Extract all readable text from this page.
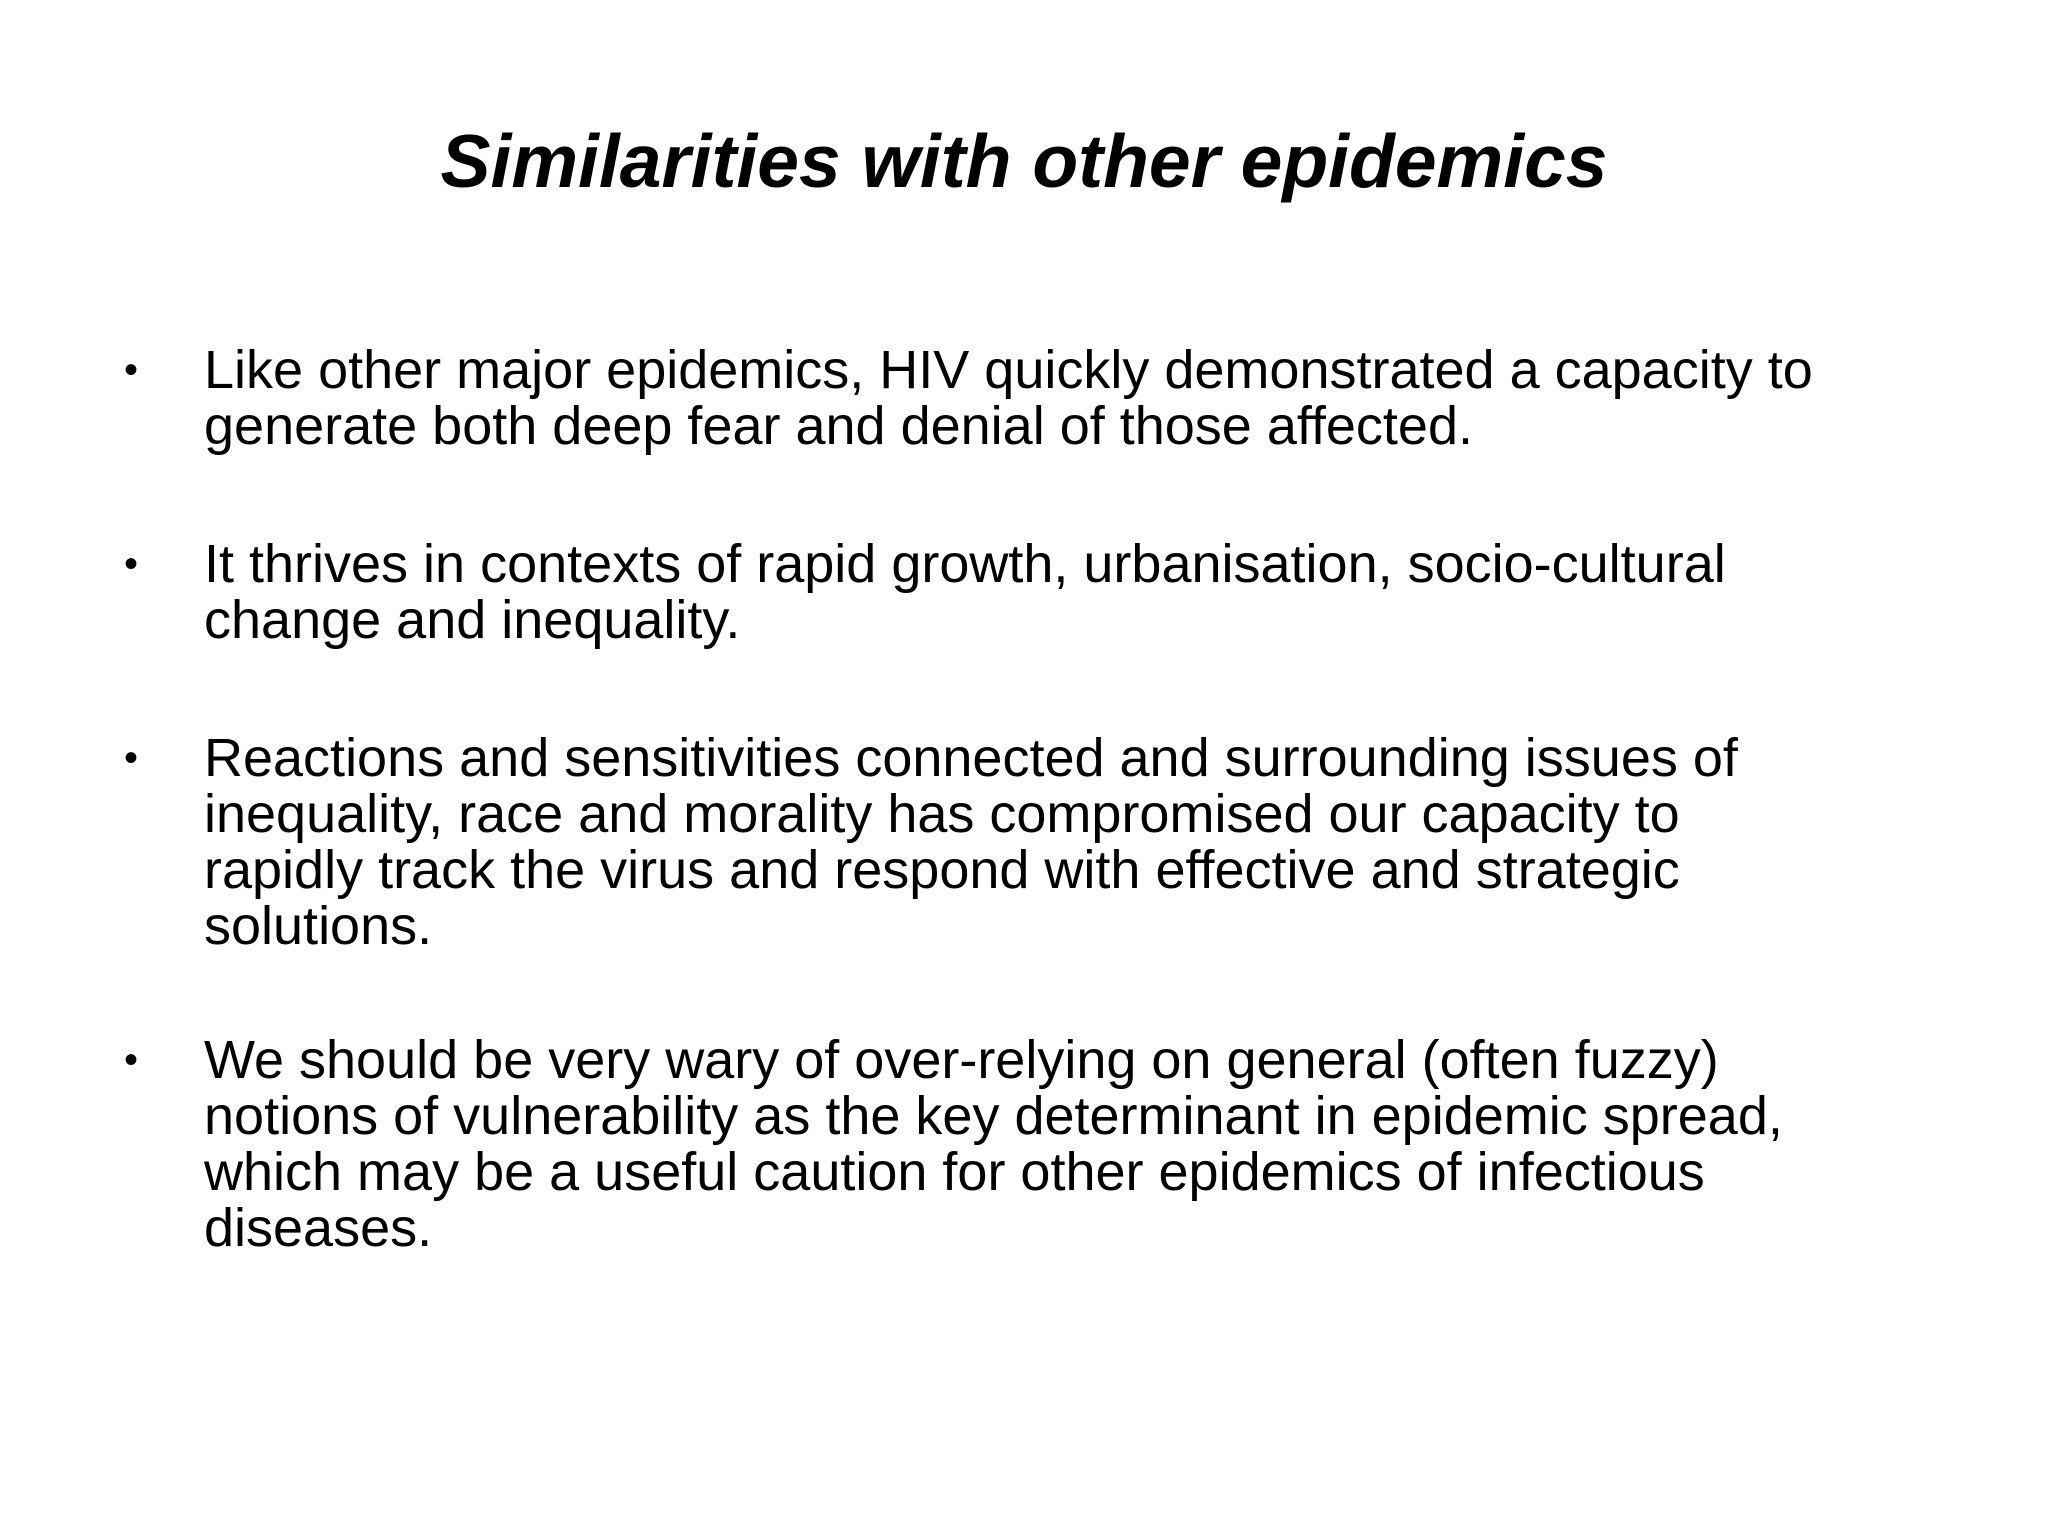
Similarities with other epidemics
• Like other major epidemics, HIV quickly demonstrated a capacity to
generate both deep fear and denial of those affected.
• It thrives in contexts of rapid growth, urbanisation, socio-cultural
change and inequality.
• Reactions and sensitivities connected and surrounding issues of
inequality, race and morality has compromised our capacity to
rapidly track the virus and respond with effective and strategic
solutions.
• We should be very wary of over-relying on general (often fuzzy)
notions of vulnerability as the key determinant in epidemic spread,
which may be a useful caution for other epidemics of infectious
diseases.
